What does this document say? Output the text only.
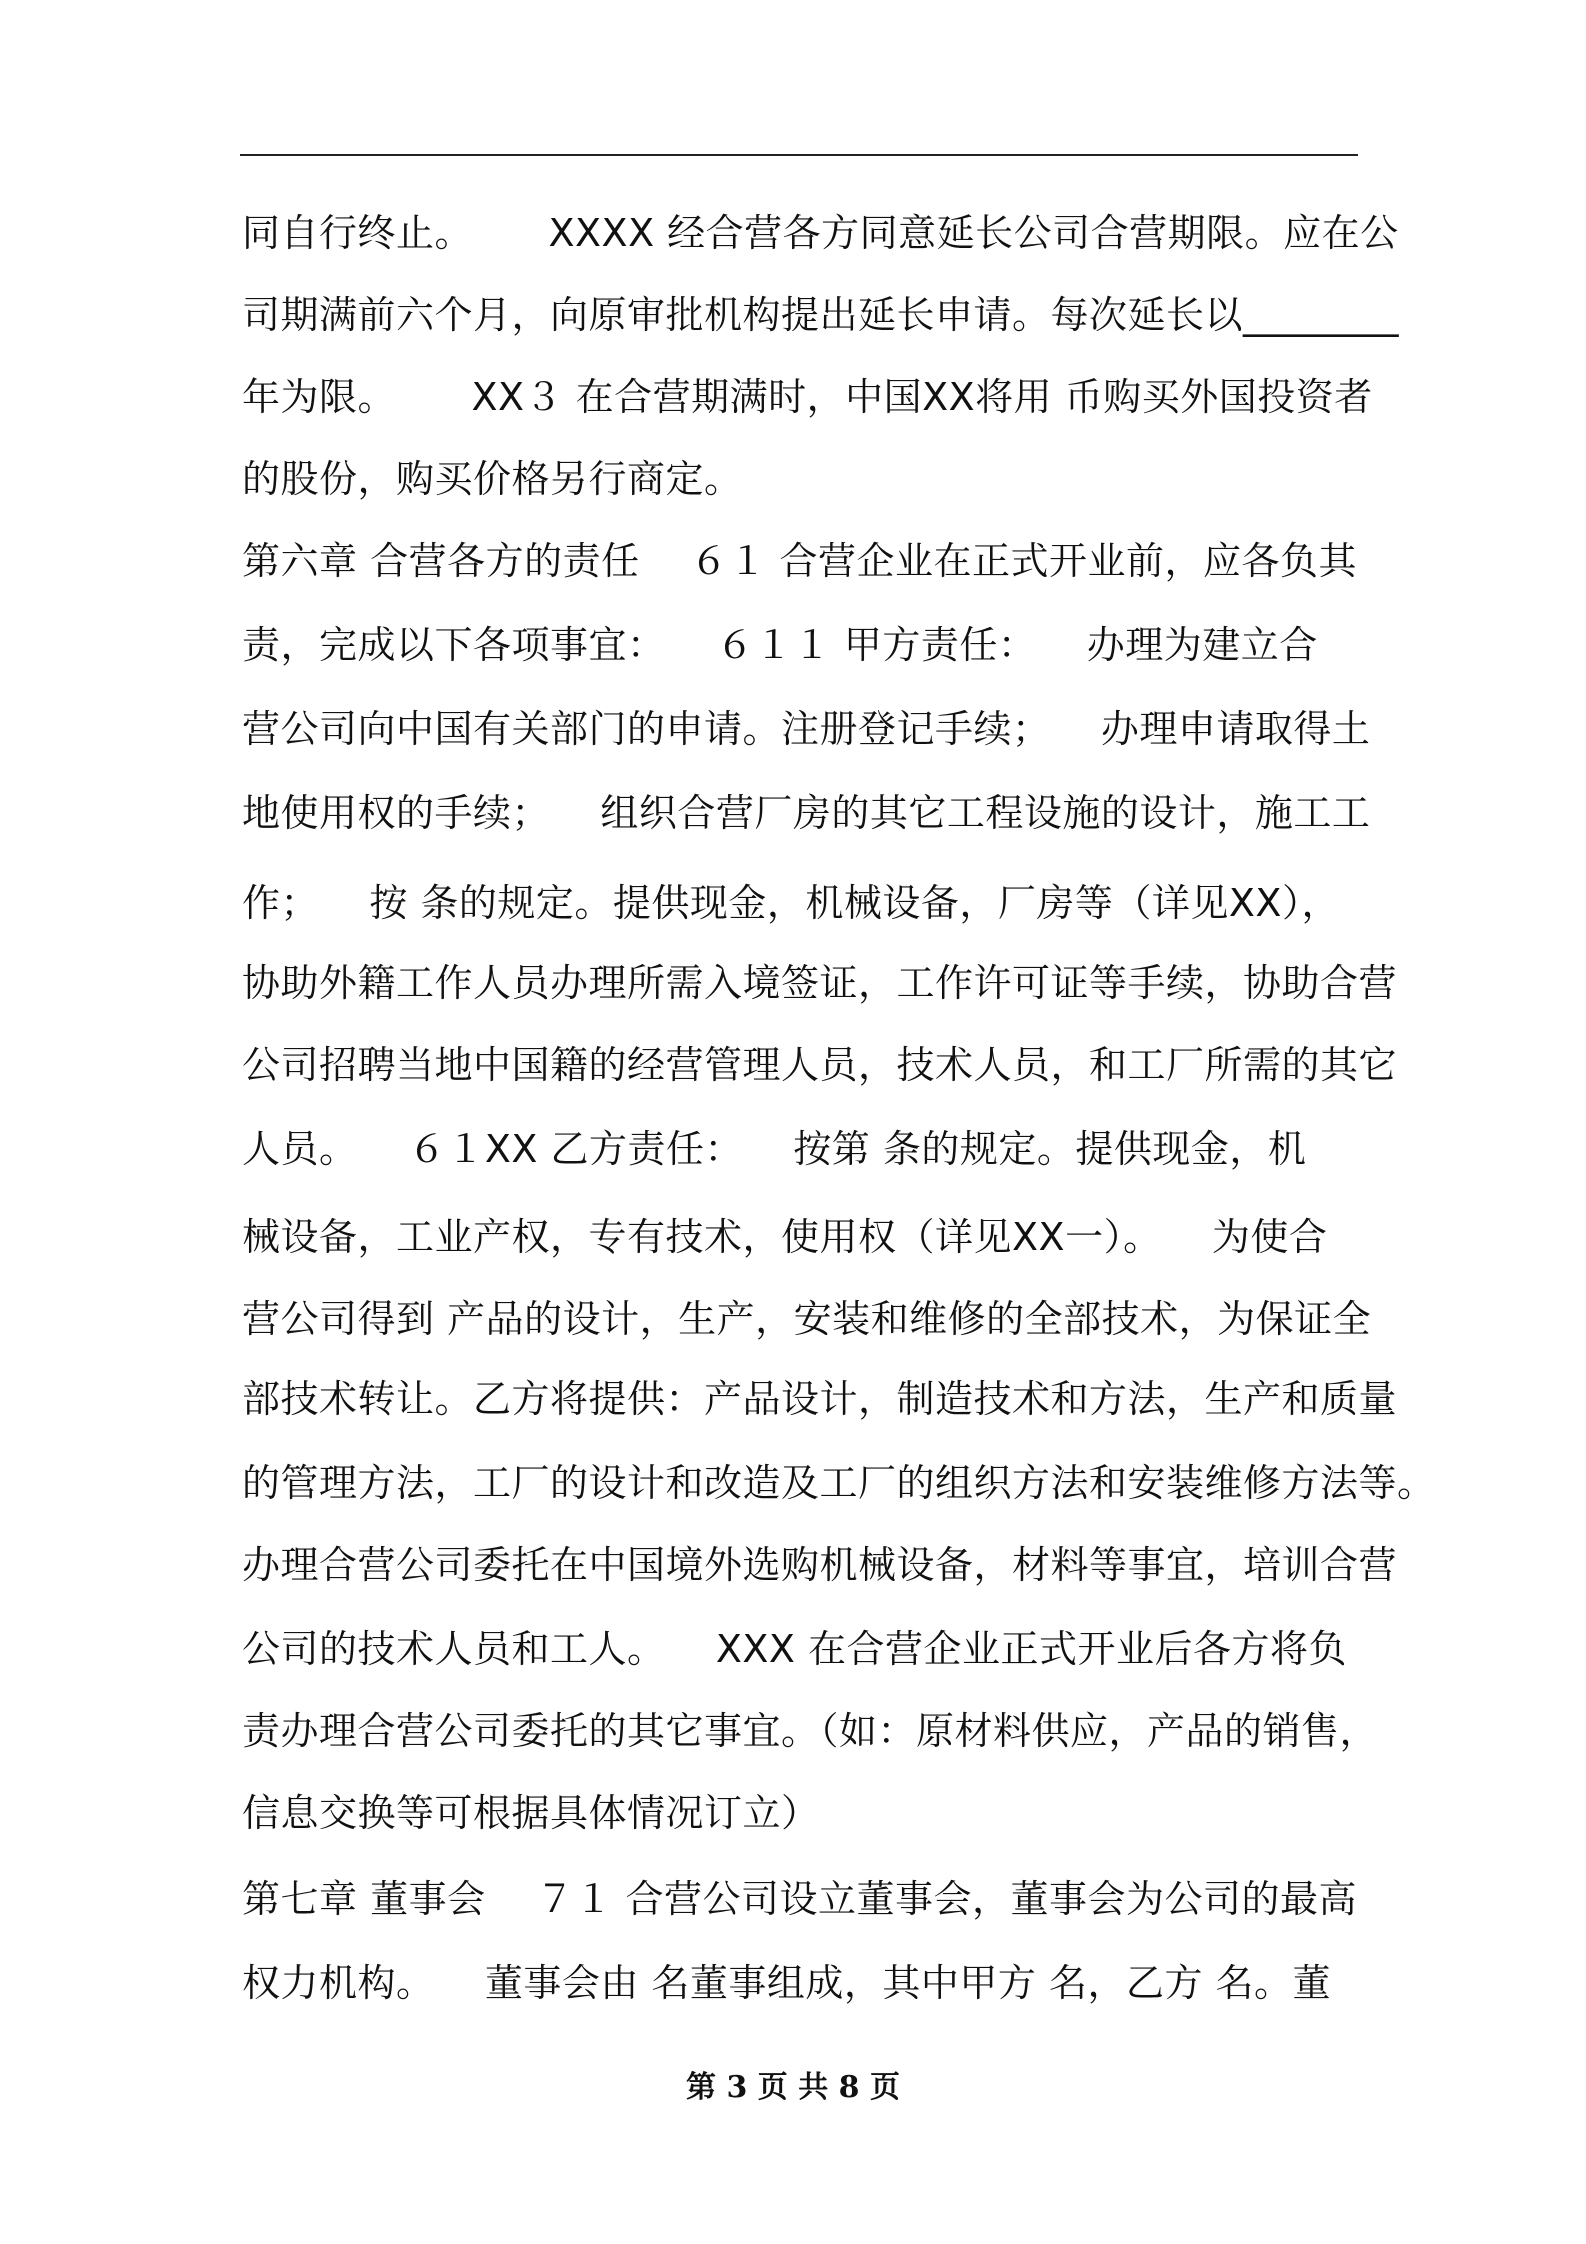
同自行终止。      XXXX 经合营各方同意延长公司合营期限。应在公
司期满前六个月，向原审批机构提出延长申请。每次延长以________
年为限。      XX３ 在合营期满时，中国XX将用 币购买外国投资者
的股份，购买价格另行商定。
第六章 合营各方的责任    ６１ 合营企业在正式开业前，应各负其
责，完成以下各项事宜：    ６１１ 甲方责任：    办理为建立合
营公司向中国有关部门的申请。注册登记手续；    办理申请取得土
地使用权的手续；    组织合营厂房的其它工程设施的设计，施工工
作；    按 条的规定。提供现金，机械设备，厂房等（详见XX），
协助外籍工作人员办理所需入境签证，工作许可证等手续，协助合营
公司招聘当地中国籍的经营管理人员，技术人员，和工厂所需的其它
人员。    ６１XX 乙方责任：    按第 条的规定。提供现金，机
械设备，工业产权，专有技术，使用权（详见XX一）。    为使合
营公司得到 产品的设计，生产，安装和维修的全部技术，为保证全
部技术转让。乙方将提供：产品设计，制造技术和方法，生产和质量
的管理方法，工厂的设计和改造及工厂的组织方法和安装维修方法等。
办理合营公司委托在中国境外选购机械设备，材料等事宜，培训合营
公司的技术人员和工人。    XXX 在合营企业正式开业后各方将负
责办理合营公司委托的其它事宜。（如：原材料供应，产品的销售，
信息交换等可根据具体情况订立）
第七章 董事会    ７１ 合营公司设立董事会，董事会为公司的最高
权力机构。    董事会由 名董事组成，其中甲方 名，乙方 名。董
第 3 页 共 8 页
